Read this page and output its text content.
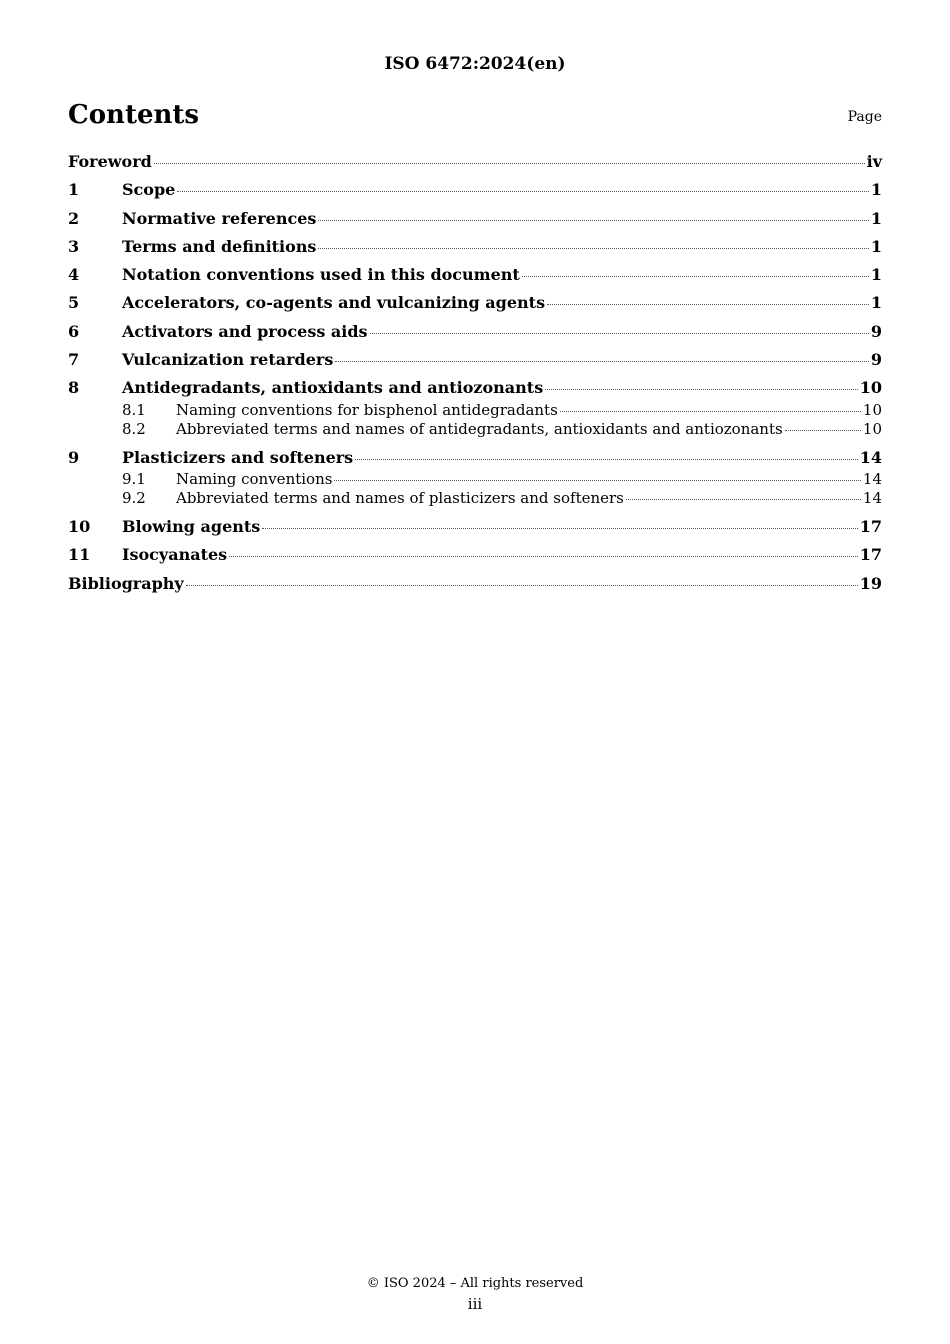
ISO 6472:2024(en)
Contents	Page
Foreword	iv
1	Scope	1
2	Normative references	1
3	Terms and definitions	1
4	Notation conventions used in this document	1
5	Accelerators, co-agents and vulcanizing agents	1
6	Activators and process aids	9
7	Vulcanization retarders	9
8	Antidegradants, antioxidants and antiozonants	10
8.1	Naming conventions for bisphenol antidegradants	10
8.2	Abbreviated terms and names of antidegradants, antioxidants and antiozonants	10
9	Plasticizers and softeners	14
9.1	Naming conventions	14
9.2	Abbreviated terms and names of plasticizers and softeners	14
10	Blowing agents	17
11	Isocyanates	17
Bibliography	19
© ISO 2024 – All rights reserved
iii
